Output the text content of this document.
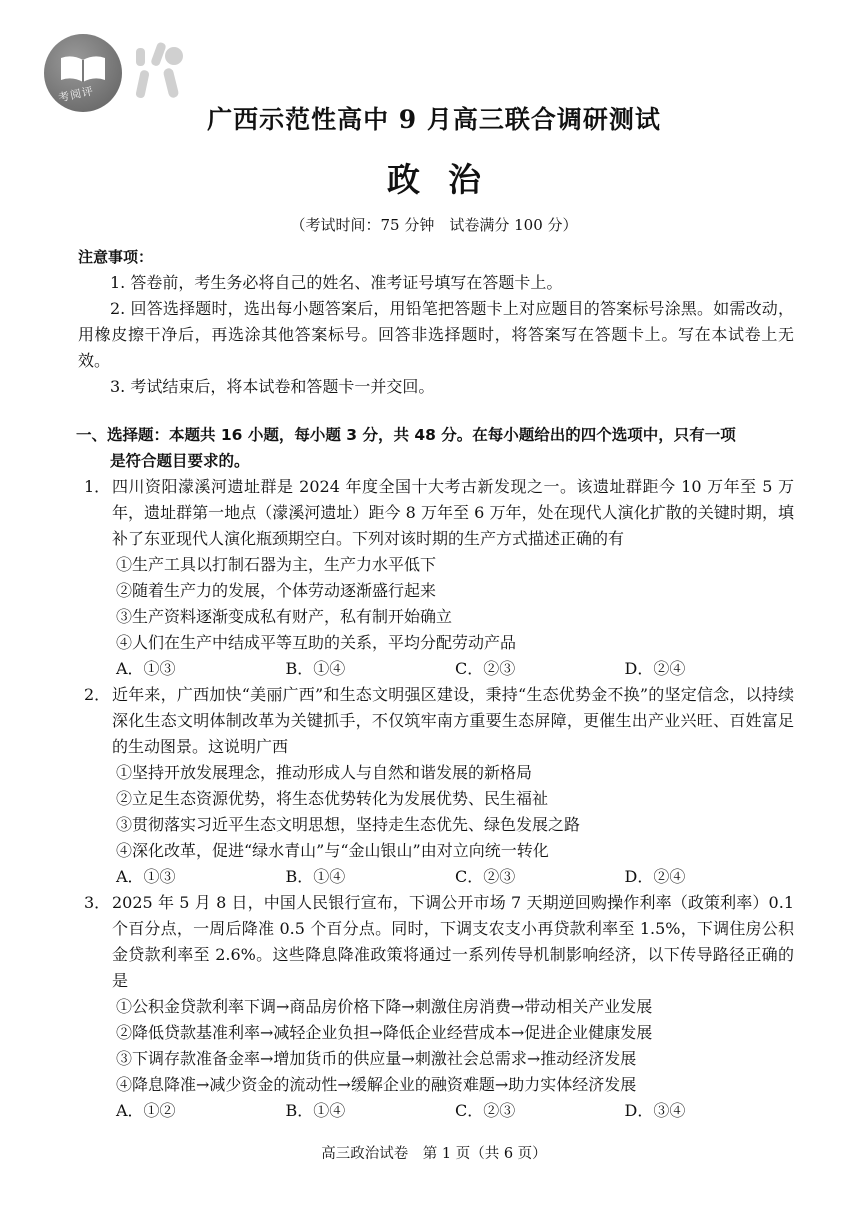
考阅评
广西示范性高中 9 月高三联合调研测试
政治
（考试时间：75 分钟　试卷满分 100 分）
注意事项：
1. 答卷前，考生务必将自己的姓名、准考证号填写在答题卡上。
2. 回答选择题时，选出每小题答案后，用铅笔把答题卡上对应题目的答案标号涂黑。如需改动，用橡皮擦干净后，再选涂其他答案标号。回答非选择题时，将答案写在答题卡上。写在本试卷上无效。
3. 考试结束后，将本试卷和答题卡一并交回。
一、选择题：本题共 16 小题，每小题 3 分，共 48 分。在每小题给出的四个选项中，只有一项
是符合题目要求的。
1． 四川资阳濛溪河遗址群是 2024 年度全国十大考古新发现之一。该遗址群距今 10 万年至 5 万年，遗址群第一地点（濛溪河遗址）距今 8 万年至 6 万年，处在现代人演化扩散的关键时期，填补了东亚现代人演化瓶颈期空白。下列对该时期的生产方式描述正确的有
①生产工具以打制石器为主，生产力水平低下
②随着生产力的发展，个体劳动逐渐盛行起来
③生产资料逐渐变成私有财产，私有制开始确立
④人们在生产中结成平等互助的关系，平均分配劳动产品
A．①③	B．①④	C．②③	D．②④
2． 近年来，广西加快“美丽广西”和生态文明强区建设，秉持“生态优势金不换”的坚定信念，以持续深化生态文明体制改革为关键抓手，不仅筑牢南方重要生态屏障，更催生出产业兴旺、百姓富足的生动图景。这说明广西
①坚持开放发展理念，推动形成人与自然和谐发展的新格局
②立足生态资源优势，将生态优势转化为发展优势、民生福祉
③贯彻落实习近平生态文明思想，坚持走生态优先、绿色发展之路
④深化改革，促进“绿水青山”与“金山银山”由对立向统一转化
A．①③	B．①④	C．②③	D．②④
3． 2025 年 5 月 8 日，中国人民银行宣布，下调公开市场 7 天期逆回购操作利率（政策利率）0.1 个百分点，一周后降准 0.5 个百分点。同时，下调支农支小再贷款利率至 1.5%，下调住房公积金贷款利率至 2.6%。这些降息降准政策将通过一系列传导机制影响经济，以下传导路径正确的是
①公积金贷款利率下调→商品房价格下降→刺激住房消费→带动相关产业发展
②降低贷款基准利率→减轻企业负担→降低企业经营成本→促进企业健康发展
③下调存款准备金率→增加货币的供应量→刺激社会总需求→推动经济发展
④降息降准→减少资金的流动性→缓解企业的融资难题→助力实体经济发展
A．①②	B．①④	C．②③	D．③④
高三政治试卷　第 1 页（共 6 页）
